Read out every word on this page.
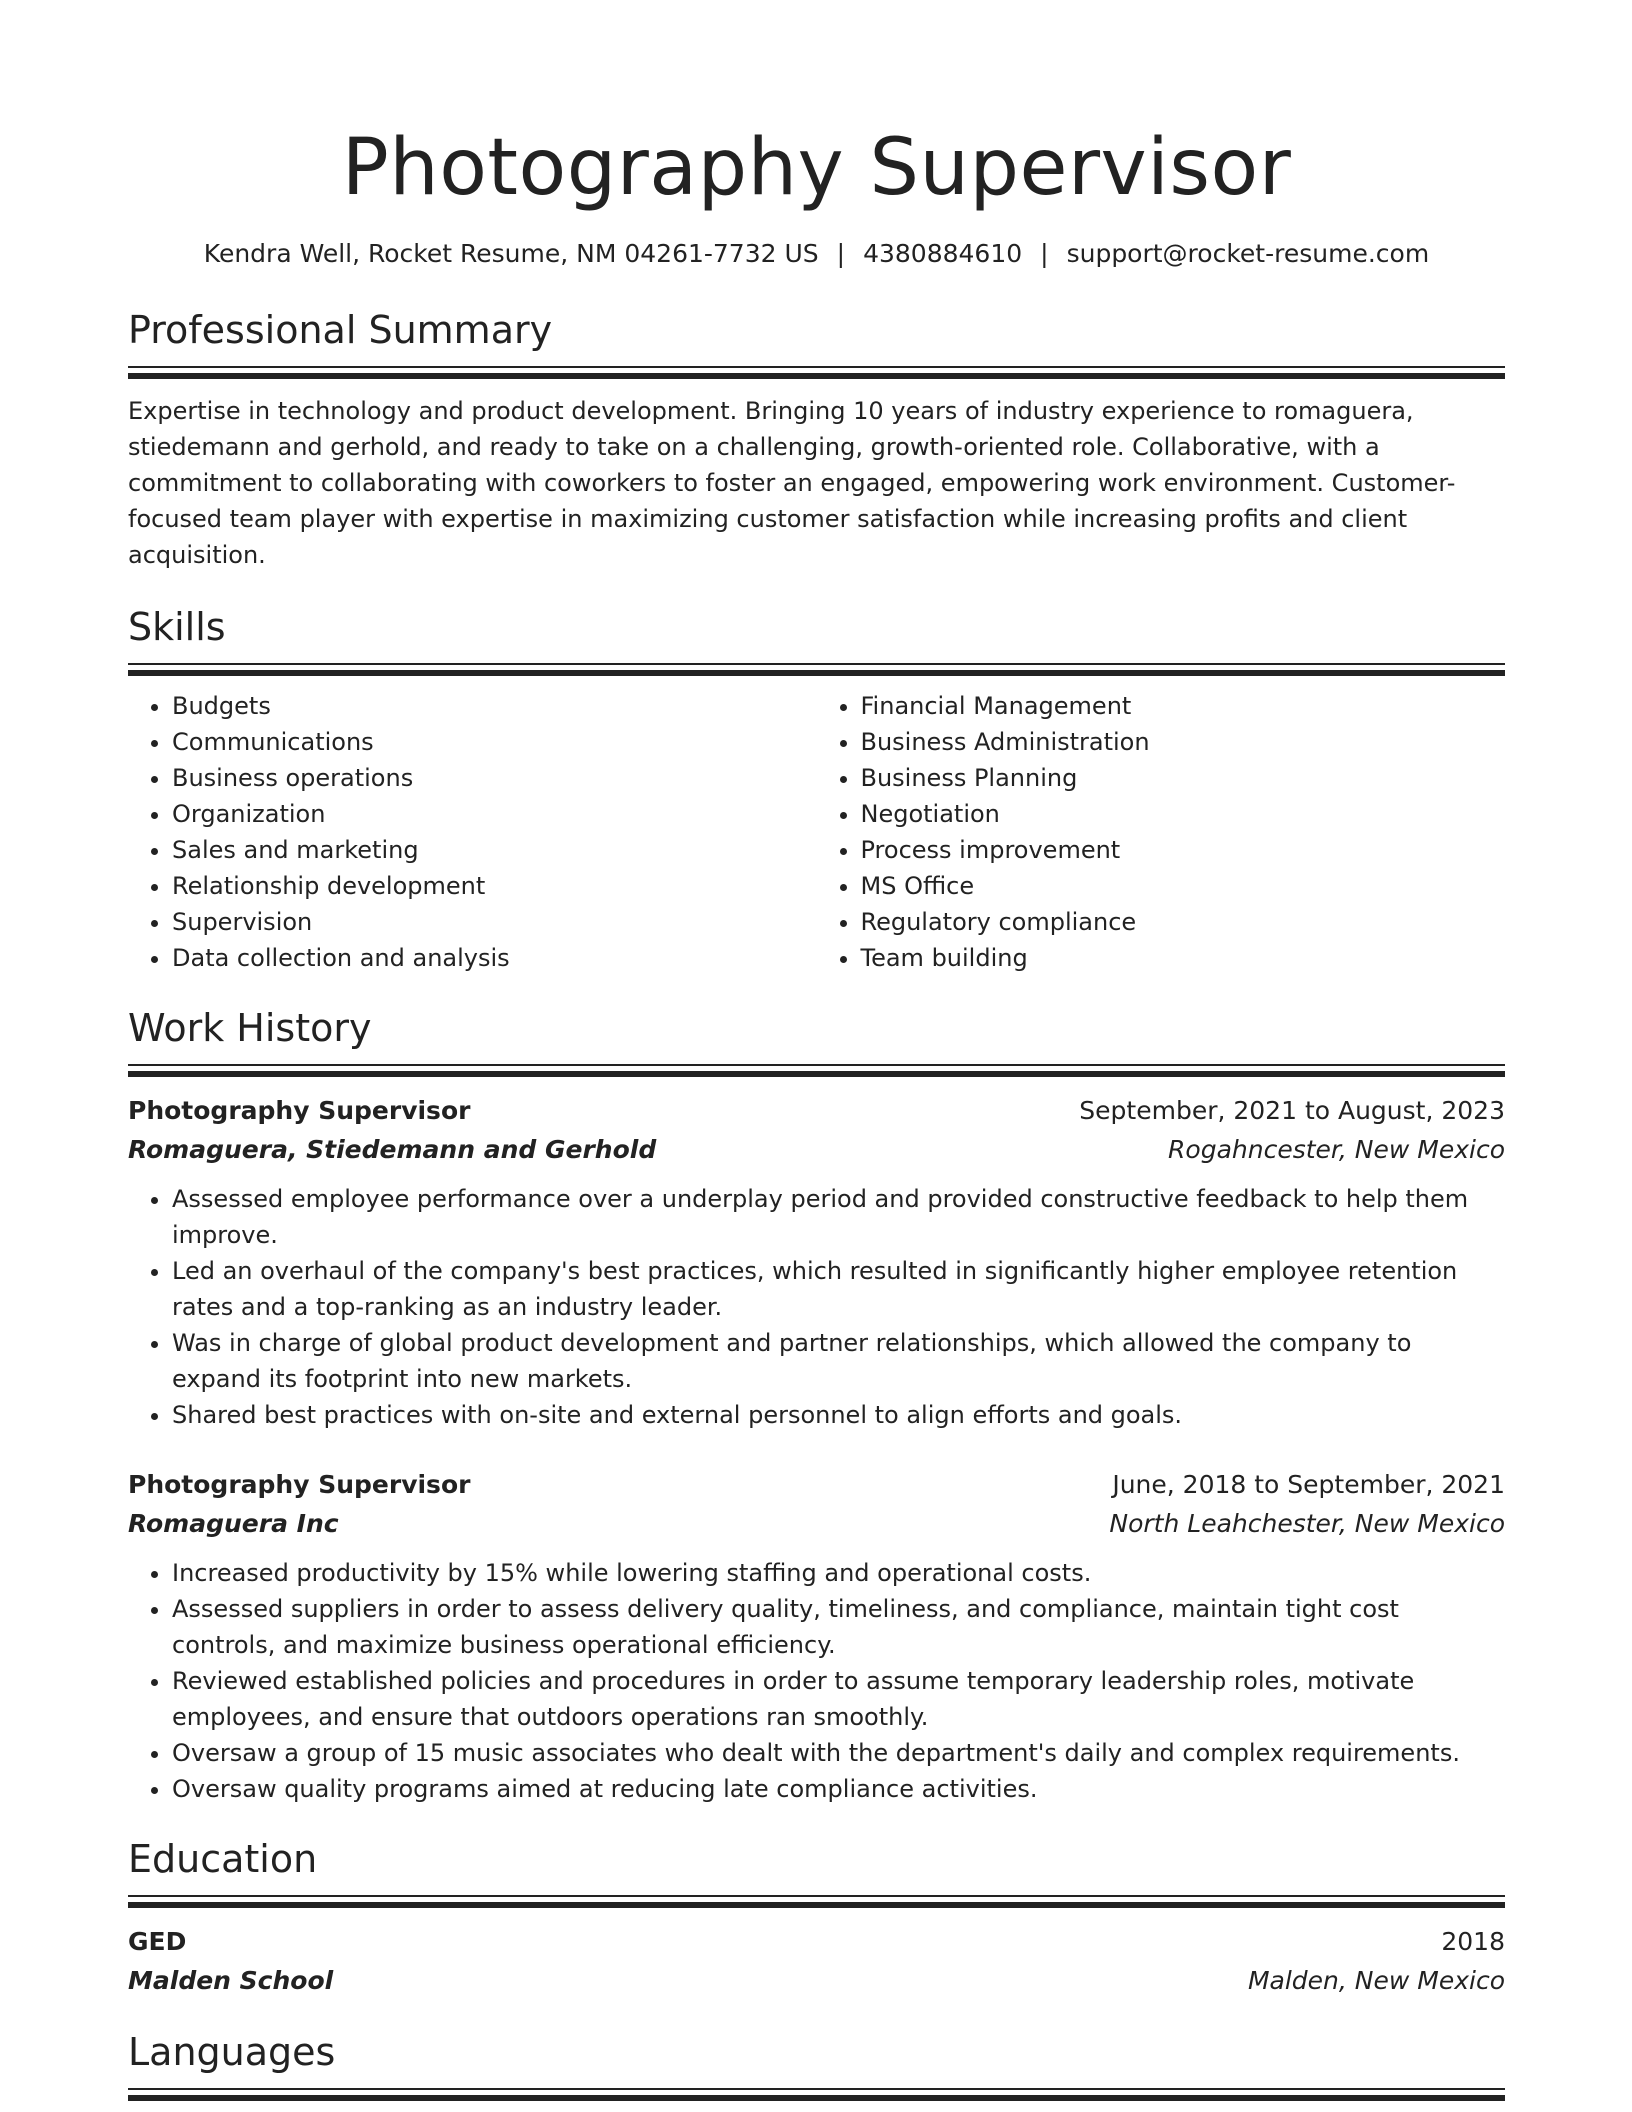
Photography Supervisor
Kendra Well, Rocket Resume, NM 04261-7732 US | 4380884610 | support@rocket-resume.com
Professional Summary

Expertise in technology and product development. Bringing 10 years of industry experience to romaguera, stiedemann and gerhold, and ready to take on a challenging, growth-oriented role. Collaborative, with a commitment to collaborating with coworkers to foster an engaged, empowering work environment. Customer-focused team player with expertise in maximizing customer satisfaction while increasing profits and client acquisition.

Skills
• Budgets
• Communications
• Business operations
• Organization
• Sales and marketing
• Relationship development
• Supervision
• Data collection and analysis
• Financial Management
• Business Administration
• Business Planning
• Negotiation
• Process improvement
• MS Office
• Regulatory compliance
• Team building
Work History
Photography Supervisor	September, 2021 to August, 2023
Romaguera, Stiedemann and Gerhold	Rogahncester, New Mexico
• Assessed employee performance over a underplay period and provided constructive feedback to help them improve.
• Led an overhaul of the company's best practices, which resulted in significantly higher employee retention rates and a top-ranking as an industry leader.
• Was in charge of global product development and partner relationships, which allowed the company to expand its footprint into new markets.
• Shared best practices with on-site and external personnel to align efforts and goals.
Photography Supervisor	June, 2018 to September, 2021
Romaguera Inc	North Leahchester, New Mexico
• Increased productivity by 15% while lowering staffing and operational costs.
• Assessed suppliers in order to assess delivery quality, timeliness, and compliance, maintain tight cost controls, and maximize business operational efficiency.
• Reviewed established policies and procedures in order to assume temporary leadership roles, motivate employees, and ensure that outdoors operations ran smoothly.
• Oversaw a group of 15 music associates who dealt with the department's daily and complex requirements.
• Oversaw quality programs aimed at reducing late compliance activities.
Education
GED	2018
Malden School	Malden, New Mexico
Languages
